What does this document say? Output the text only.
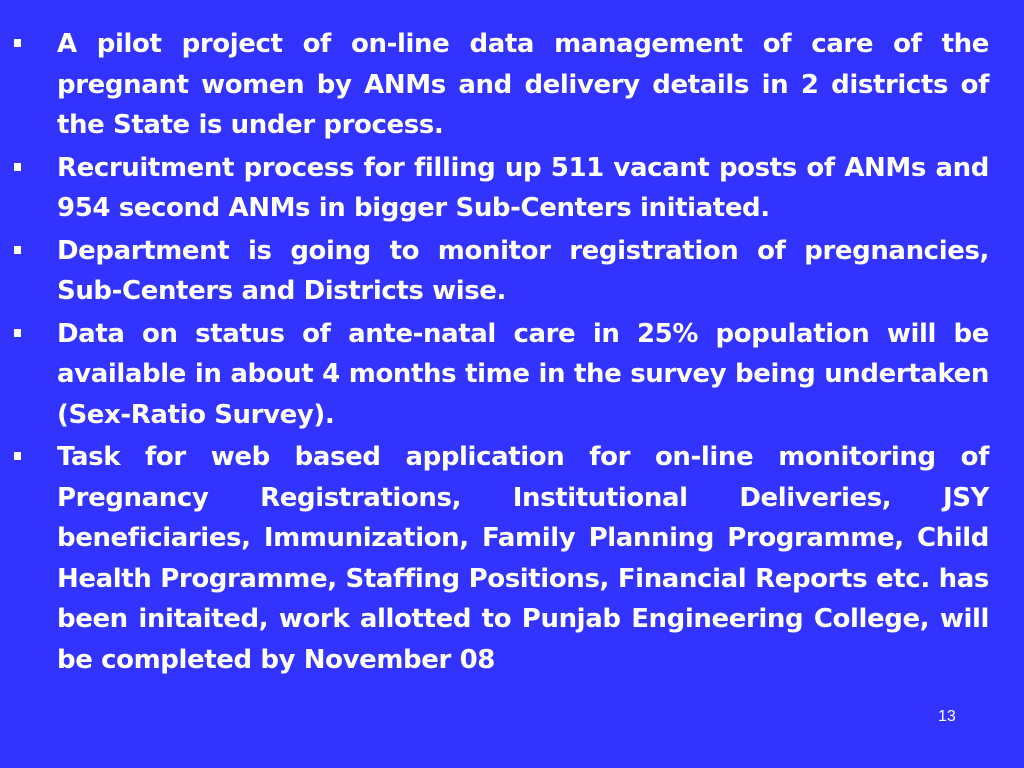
A pilot project of on-line data management of care of the pregnant women by ANMs and delivery details in 2 districts of the State is under process.
Recruitment process for filling up 511 vacant posts of ANMs and 954 second ANMs in bigger Sub-Centers initiated.
Department is going to monitor registration of pregnancies, Sub-Centers and Districts wise.
Data on status of ante-natal care in 25% population will be available in about 4 months time in the survey being undertaken (Sex-Ratio Survey).
Task for web based application for on-line monitoring of Pregnancy Registrations, Institutional Deliveries, JSY beneficiaries, Immunization, Family Planning Programme, Child Health Programme, Staffing Positions, Financial Reports etc. has been initaited, work allotted to Punjab Engineering College, will be completed by November 08
13
